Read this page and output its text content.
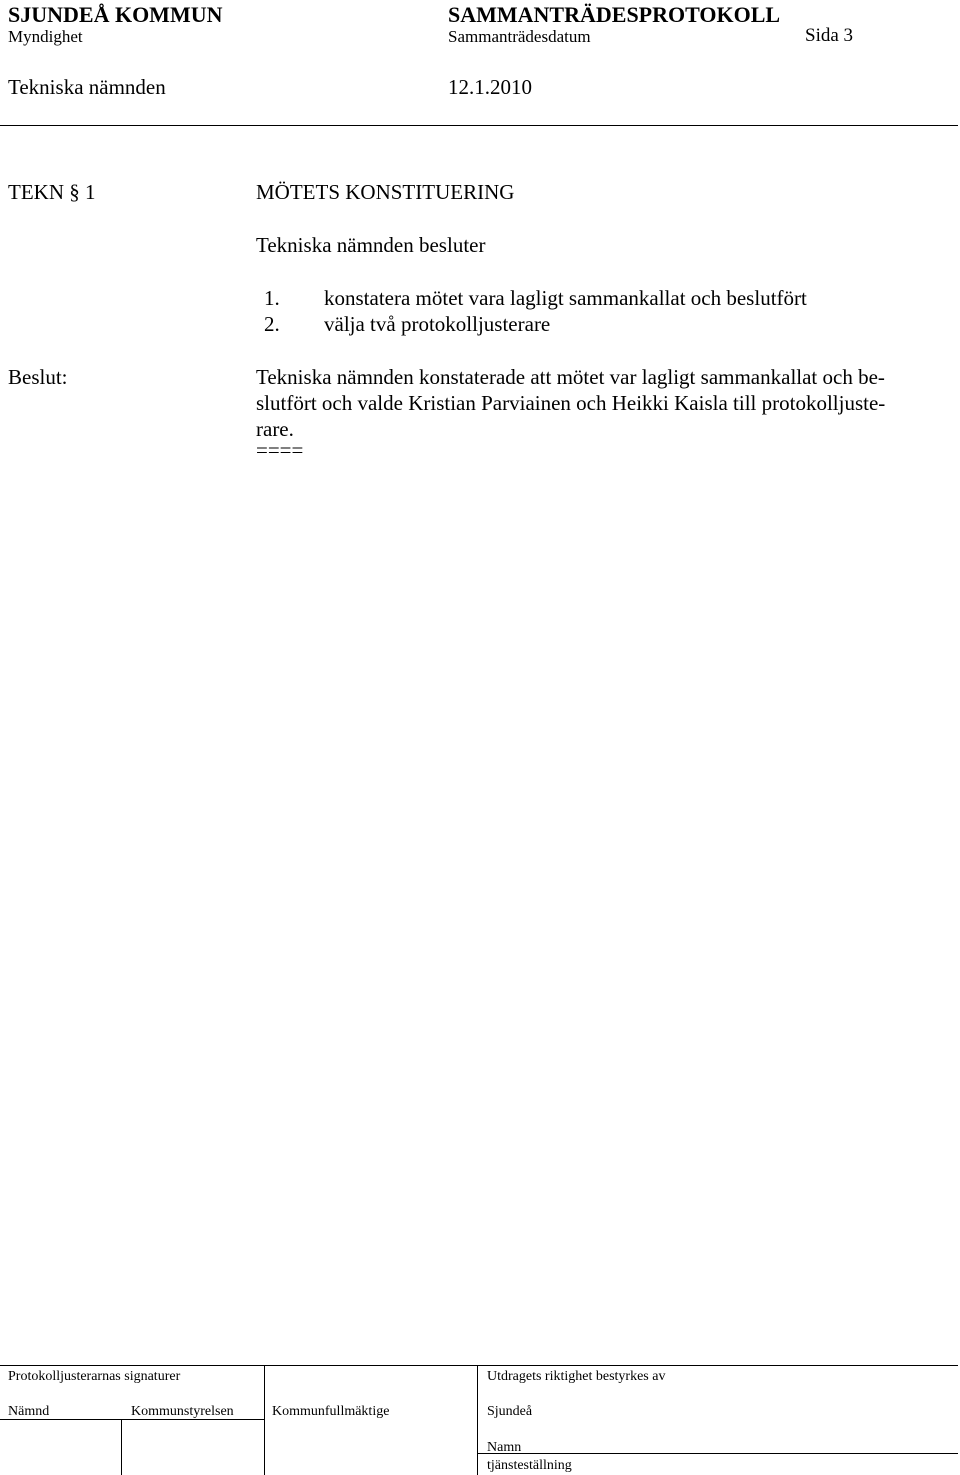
SJUNDEÅ KOMMUN	SAMMANTRÄDESPROTOKOLL
Myndighet	Sammanträdesdatum	Sida 3
Tekniska nämnden	12.1.2010
TEKN § 1	MÖTETS KONSTITUERING
Tekniska nämnden besluter
1. konstatera mötet vara lagligt sammankallat och beslutfört
2. välja två protokolljusterare
Beslut:	Tekniska nämnden konstaterade att mötet var lagligt sammankallat och be-
slutfört och valde Kristian Parviainen och Heikki Kaisla till protokolljuste-
rare.
====
Protokolljusterarnas signaturer	Utdragets riktighet bestyrkes av
Nämnd	Kommunstyrelsen	Kommunfullmäktige	Sjundeå
Namn
tjänsteställning
